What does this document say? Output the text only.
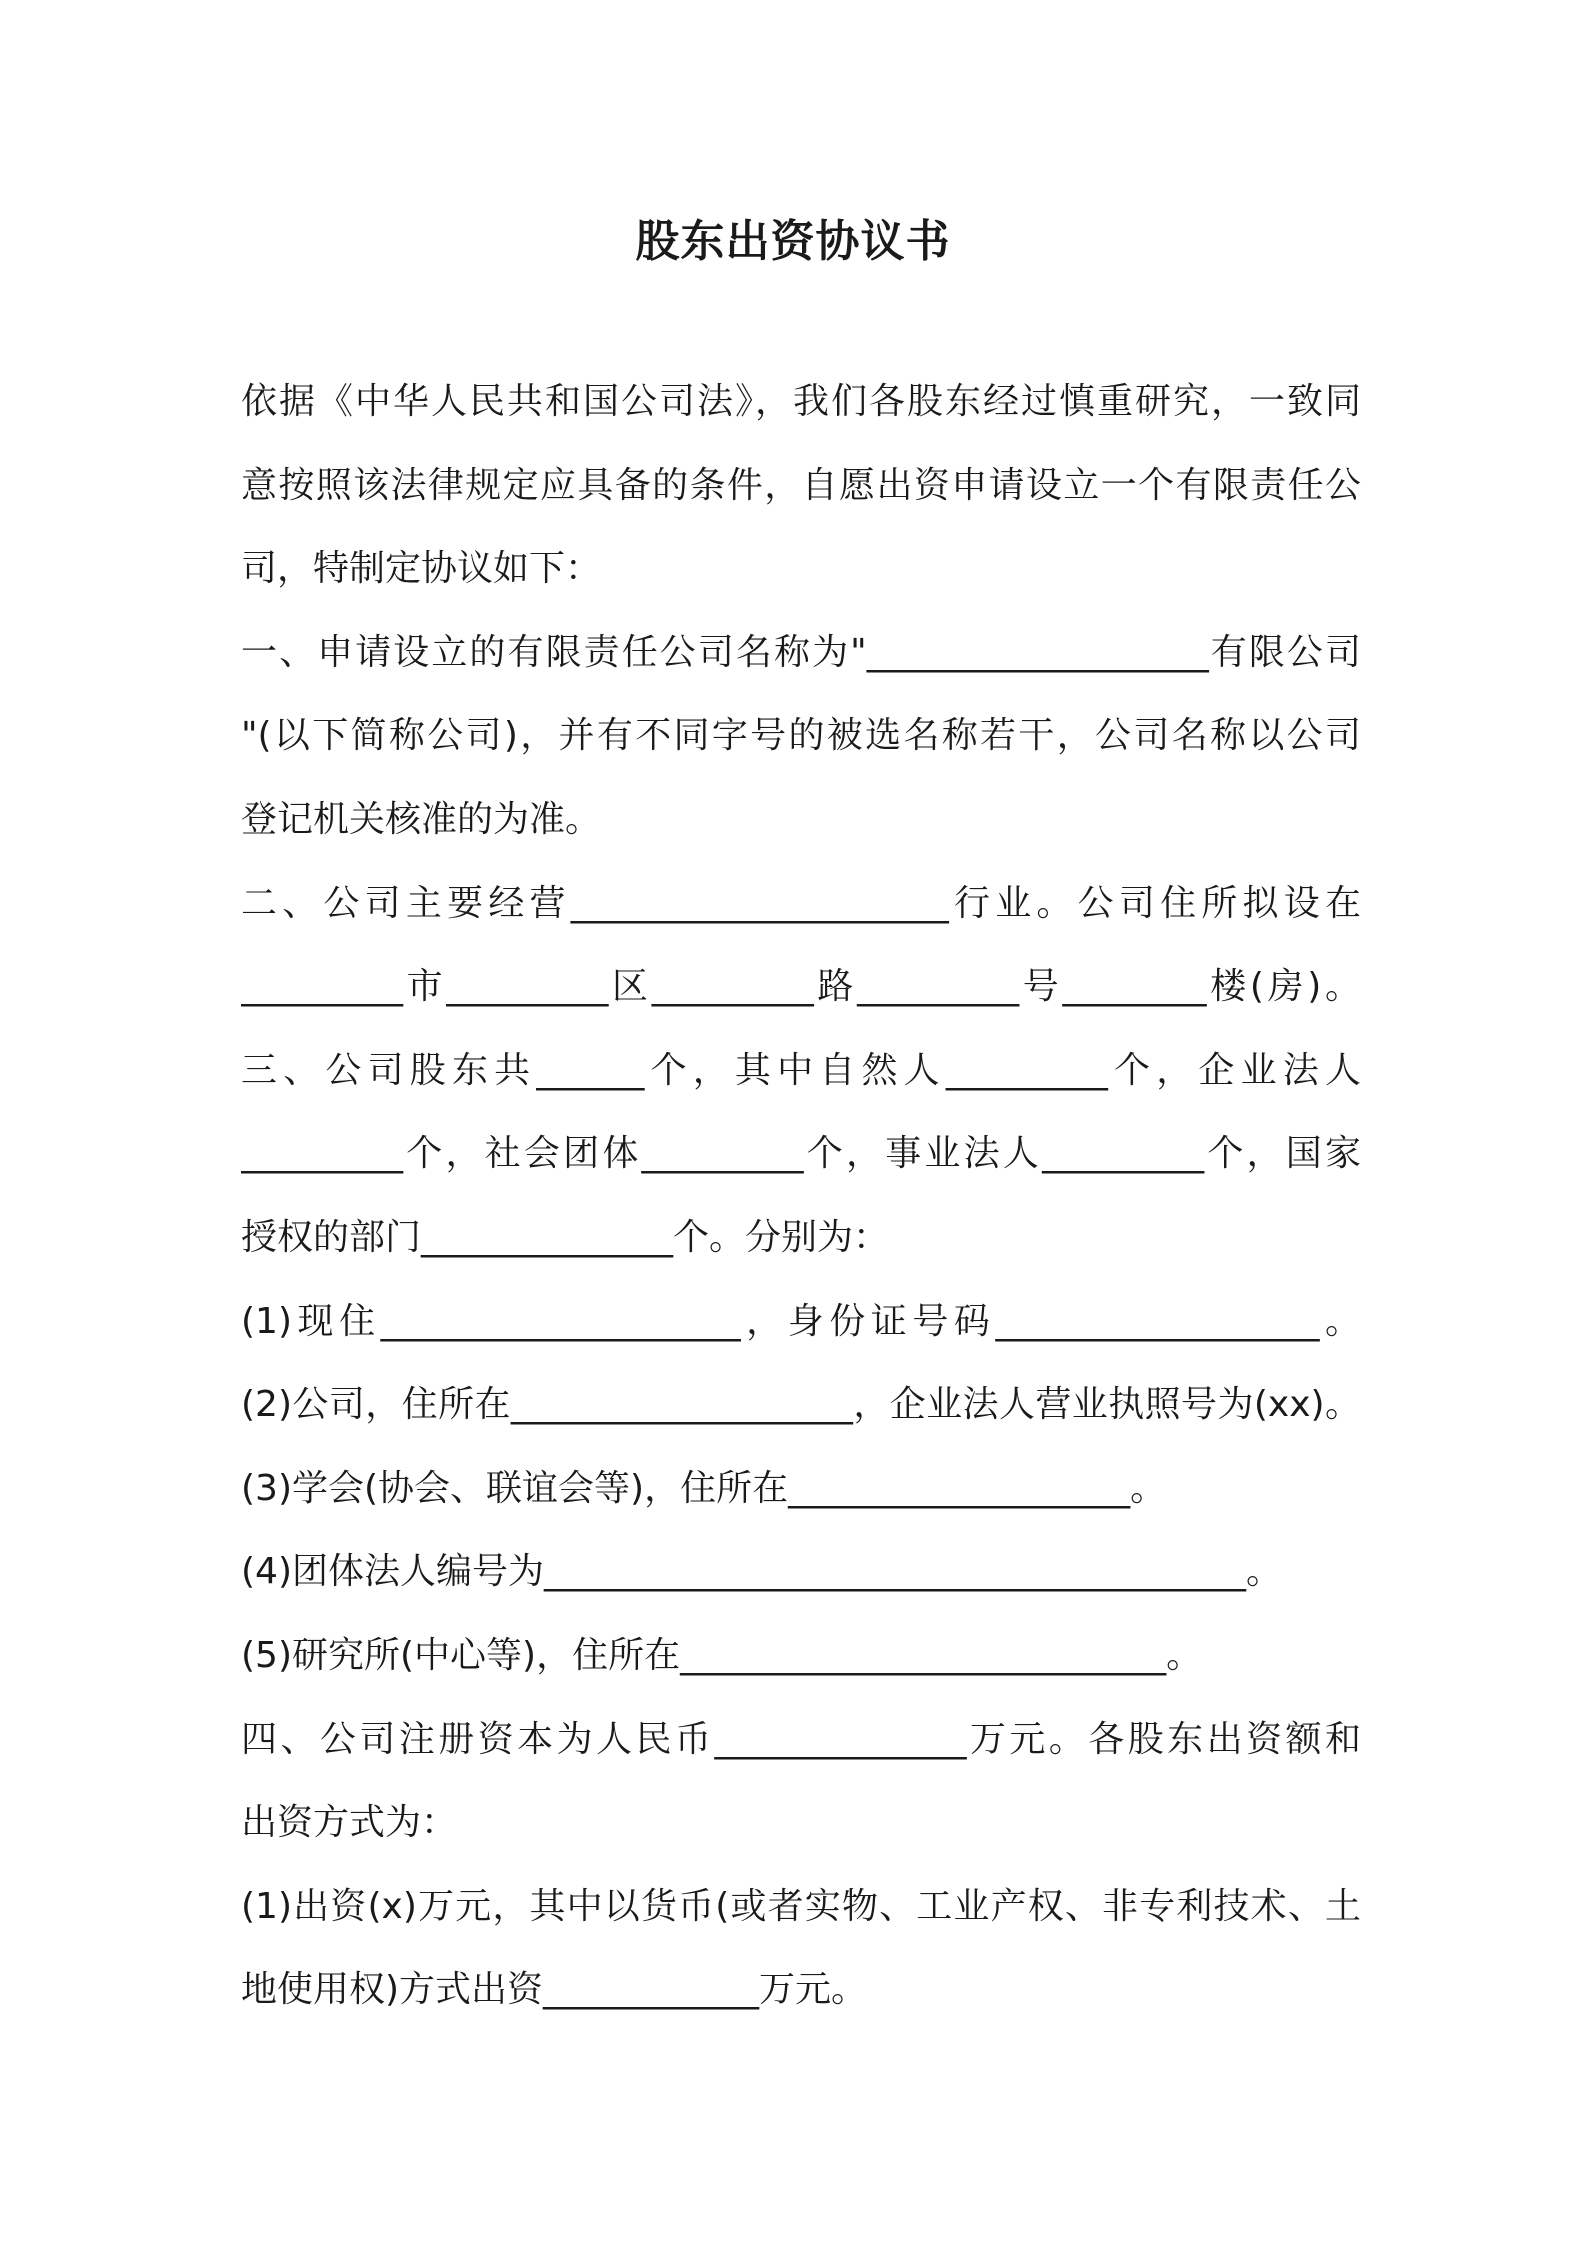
股东出资协议书
依据《中华人民共和国公司法》，我们各股东经过慎重研究，一致同
意按照该法律规定应具备的条件，自愿出资申请设立一个有限责任公
司，特制定协议如下：
一、申请设立的有限责任公司名称为"___________________有限公司
"(以下简称公司)，并有不同字号的被选名称若干，公司名称以公司
登记机关核准的为准。
二、公司主要经营_____________________行业。公司住所拟设在
_________市_________区_________路_________号________楼(房)。
三、公司股东共______个，其中自然人_________个，企业法人
_________个，社会团体_________个，事业法人_________个，国家
授权的部门______________个。分别为：
(1)现住____________________，身份证号码__________________。
(2)公司，住所在___________________，企业法人营业执照号为(xx)。
(3)学会(协会、联谊会等)，住所在___________________。
(4)团体法人编号为_______________________________________。
(5)研究所(中心等)，住所在___________________________。
四、公司注册资本为人民币______________万元。各股东出资额和
出资方式为：
(1)出资(x)万元，其中以货币(或者实物、工业产权、非专利技术、土
地使用权)方式出资____________万元。
